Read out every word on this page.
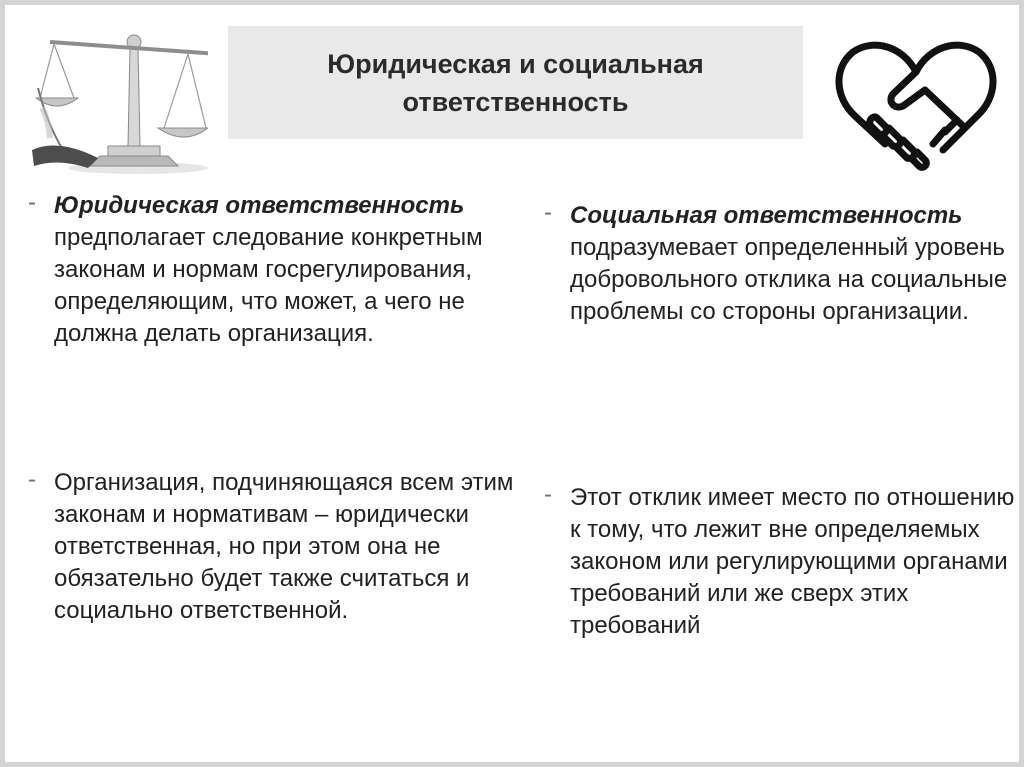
Юридическая и социальная ответственность
- Юридическая ответственность
предполагает следование конкретным законам и нормам госрегулирования, определяющим, что может, а чего не должна делать организация.
- Организация, подчиняющаяся всем этим законам и нормативам – юридически ответственная, но при этом она не обязательно будет также считаться и социально ответственной.
- Социальная ответственность
подразумевает определенный уровень добровольного отклика на социальные проблемы со стороны организации.
- Этот отклик имеет место по отношению к тому, что лежит вне определяемых законом или регулирующими органами требований или же сверх этих требований
